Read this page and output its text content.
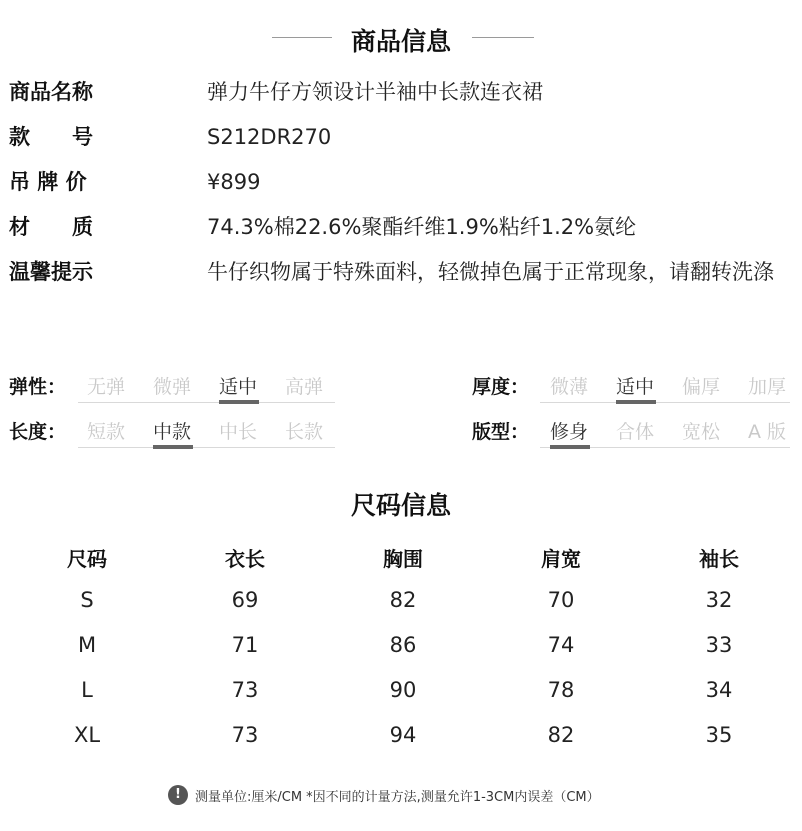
商品信息
商品名称	弹力牛仔方领设计半袖中长款连衣裙
款　　号	S212DR270
吊 牌 价	¥899
材　　质	74.3%棉22.6%聚酯纤维1.9%粘纤1.2%氨纶
温馨提示	牛仔织物属于特殊面料，轻微掉色属于正常现象，请翻转洗涤
弹性： 无弹 微弹 适中 高弹	厚度： 微薄 适中 偏厚 加厚
长度： 短款 中款 中长 长款	版型： 修身 合体 宽松 A 版
尺码信息
尺码	衣长	胸围	肩宽	袖长
S	69	82	70	32
M	71	86	74	33
L	73	90	78	34
XL	73	94	82	35
!	测量单位:厘米/CM *因不同的计量方法,测量允许1-3CM内误差（CM）
